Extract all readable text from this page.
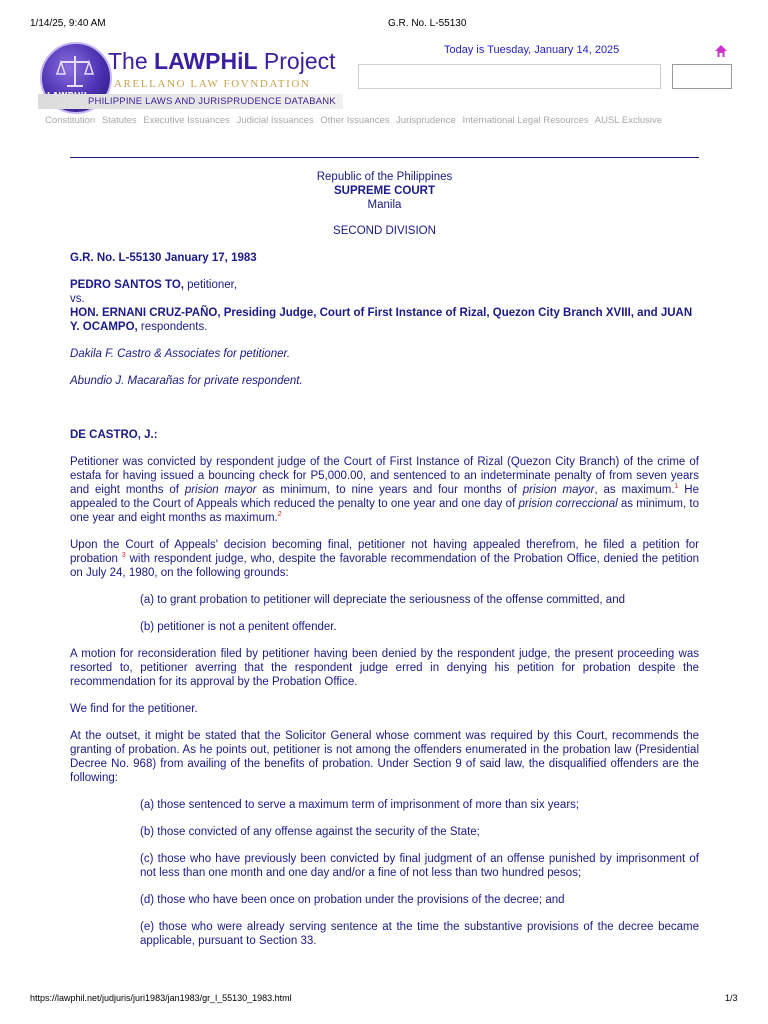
1/14/25, 9:40 AM	G.R. No. L-55130
The LAWPHiL Project
ARELLANO LAW FOVNDATION
PHILIPPINE LAWS AND JURISPRUDENCE DATABANK
Today is Tuesday, January 14, 2025
Constitution Statutes Executive Issuances Judicial Issuances Other Issuances Jurisprudence International Legal Resources AUSL Exclusive
Republic of the Philippines
SUPREME COURT
Manila
SECOND DIVISION
G.R. No. L-55130 January 17, 1983
PEDRO SANTOS TO, petitioner,
vs.
HON. ERNANI CRUZ-PAÑO, Presiding Judge, Court of First Instance of Rizal, Quezon City Branch XVIII, and JUAN Y. OCAMPO, respondents.

Dakila F. Castro & Associates for petitioner.

Abundio J. Macarañas for private respondent.

DE CASTRO, J.:

Petitioner was convicted by respondent judge of the Court of First Instance of Rizal (Quezon City Branch) of the crime of estafa for having issued a bouncing check for P5,000.00, and sentenced to an indeterminate penalty of from seven years and eight months of prision mayor as minimum, to nine years and four months of prision mayor, as maximum.$^1$ He appealed to the Court of Appeals which reduced the penalty to one year and one day of prision correccional as minimum, to one year and eight months as maximum.$^2$

Upon the Court of Appeals' decision becoming final, petitioner not having appealed therefrom, he filed a petition for probation $^3$ with respondent judge, who, despite the favorable recommendation of the Probation Office, denied the petition on July 24, 1980, on the following grounds:

(a) to grant probation to petitioner will depreciate the seriousness of the offense committed, and

(b) petitioner is not a penitent offender.

A motion for reconsideration filed by petitioner having been denied by the respondent judge, the present proceeding was resorted to, petitioner averring that the respondent judge erred in denying his petition for probation despite the recommendation for its approval by the Probation Office.

We find for the petitioner.

At the outset, it might be stated that the Solicitor General whose comment was required by this Court, recommends the granting of probation. As he points out, petitioner is not among the offenders enumerated in the probation law (Presidential Decree No. 968) from availing of the benefits of probation. Under Section 9 of said law, the disqualified offenders are the following:

(a) those sentenced to serve a maximum term of imprisonment of more than six years;

(b) those convicted of any offense against the security of the State;

(c) those who have previously been convicted by final judgment of an offense punished by imprisonment of not less than one month and one day and/or a fine of not less than two hundred pesos;

(d) those who have been once on probation under the provisions of the decree; and

(e) those who were already serving sentence at the time the substantive provisions of the decree became applicable, pursuant to Section 33.

https://lawphil.net/judjuris/juri1983/jan1983/gr_l_55130_1983.html	1/3
